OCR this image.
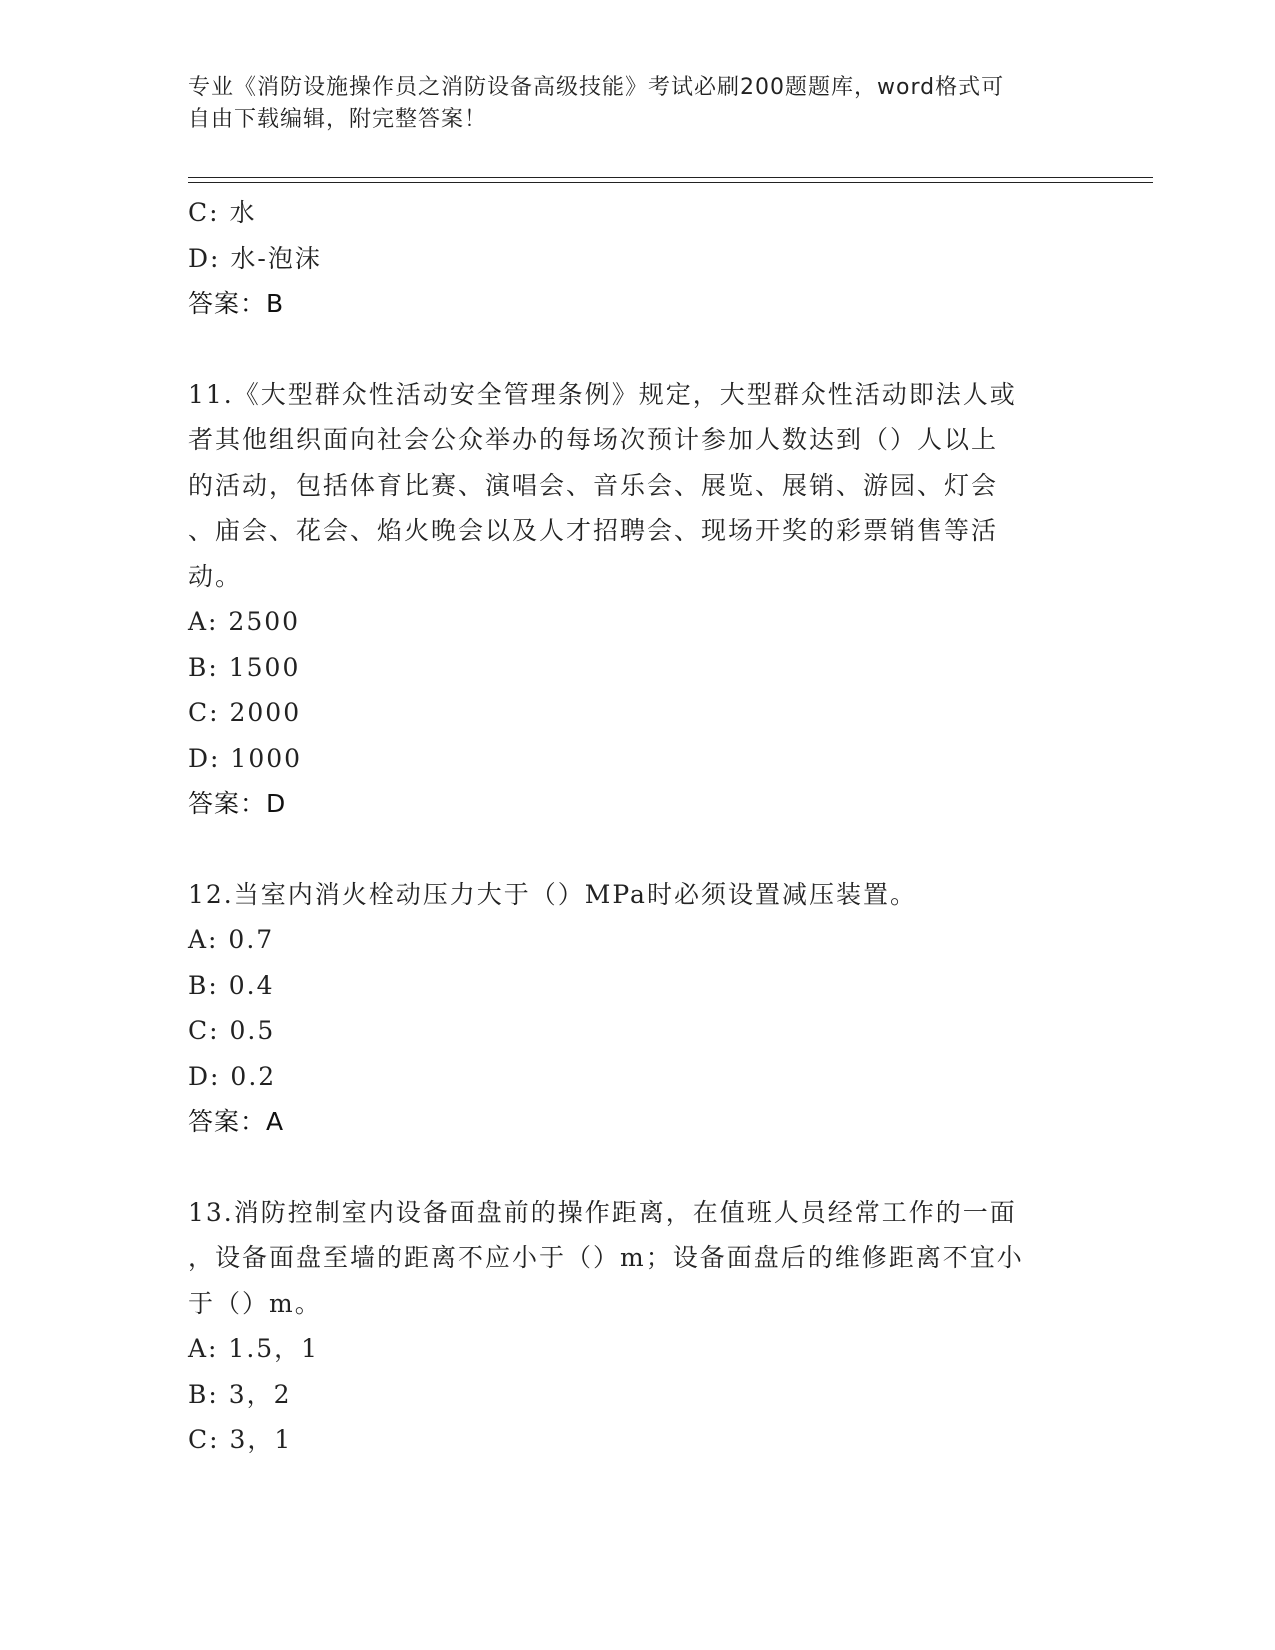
专业《消防设施操作员之消防设备高级技能》考试必刷200题题库，word格式可
自由下载编辑，附完整答案！
C: 水
D: 水-泡沫
答案：B
11.《大型群众性活动安全管理条例》规定，大型群众性活动即法人或
者其他组织面向社会公众举办的每场次预计参加人数达到（）人以上
的活动，包括体育比赛、演唱会、音乐会、展览、展销、游园、灯会
、庙会、花会、焰火晚会以及人才招聘会、现场开奖的彩票销售等活
动。
A: 2500
B: 1500
C: 2000
D: 1000
答案：D
12.当室内消火栓动压力大于（）MPa时必须设置减压装置。
A: 0.7
B: 0.4
C: 0.5
D: 0.2
答案：A
13.消防控制室内设备面盘前的操作距离，在值班人员经常工作的一面
，设备面盘至墙的距离不应小于（）m；设备面盘后的维修距离不宜小
于（）m。
A: 1.5，1
B: 3，2
C: 3，1
